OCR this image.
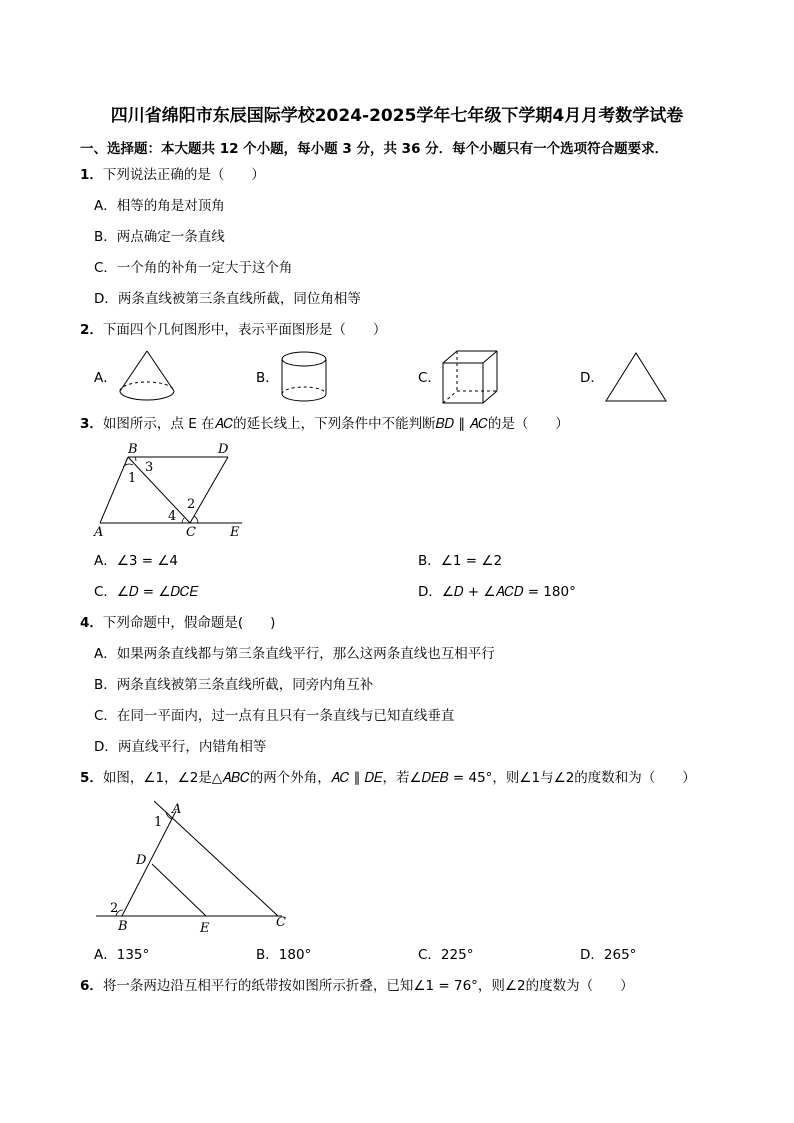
四川省绵阳市东辰国际学校2024-2025学年七年级下学期4月月考数学试卷
一、选择题：本大题共 12 个小题，每小题 3 分，共 36 分．每个小题只有一个选项符合题要求．
1．下列说法正确的是（　　）
A．相等的角是对顶角
B．两点确定一条直线
C．一个角的补角一定大于这个角
D．两条直线被第三条直线所截，同位角相等
2．下面四个几何图形中，表示平面图形是（　　）
A．	B．	C．	D．
3．如图所示，点 E 在𝐴𝐶的延长线上，下列条件中不能判断𝐵𝐷 ∥ 𝐴𝐶的是（　　）
B	D
A	C	E
1
2
3
4
A．∠3 = ∠4	B．∠1 = ∠2
C．∠𝐷 = ∠𝐷𝐶𝐸	D．∠𝐷 + ∠𝐴𝐶𝐷 = 180°
4．下列命题中，假命题是(　　)
A．如果两条直线都与第三条直线平行，那么这两条直线也互相平行
B．两条直线被第三条直线所截，同旁内角互补
C．在同一平面内，过一点有且只有一条直线与已知直线垂直
D．两直线平行，内错角相等
5．如图，∠1，∠2是△𝐴𝐵𝐶的两个外角，𝐴𝐶 ∥ 𝐷𝐸，若∠𝐷𝐸𝐵 = 45°，则∠1与∠2的度数和为（　　）
A
D
B	E	C
1
2
A．135°	B．180°	C．225°	D．265°
6．将一条两边沿互相平行的纸带按如图所示折叠，已知∠1 = 76°，则∠2的度数为（　　）
